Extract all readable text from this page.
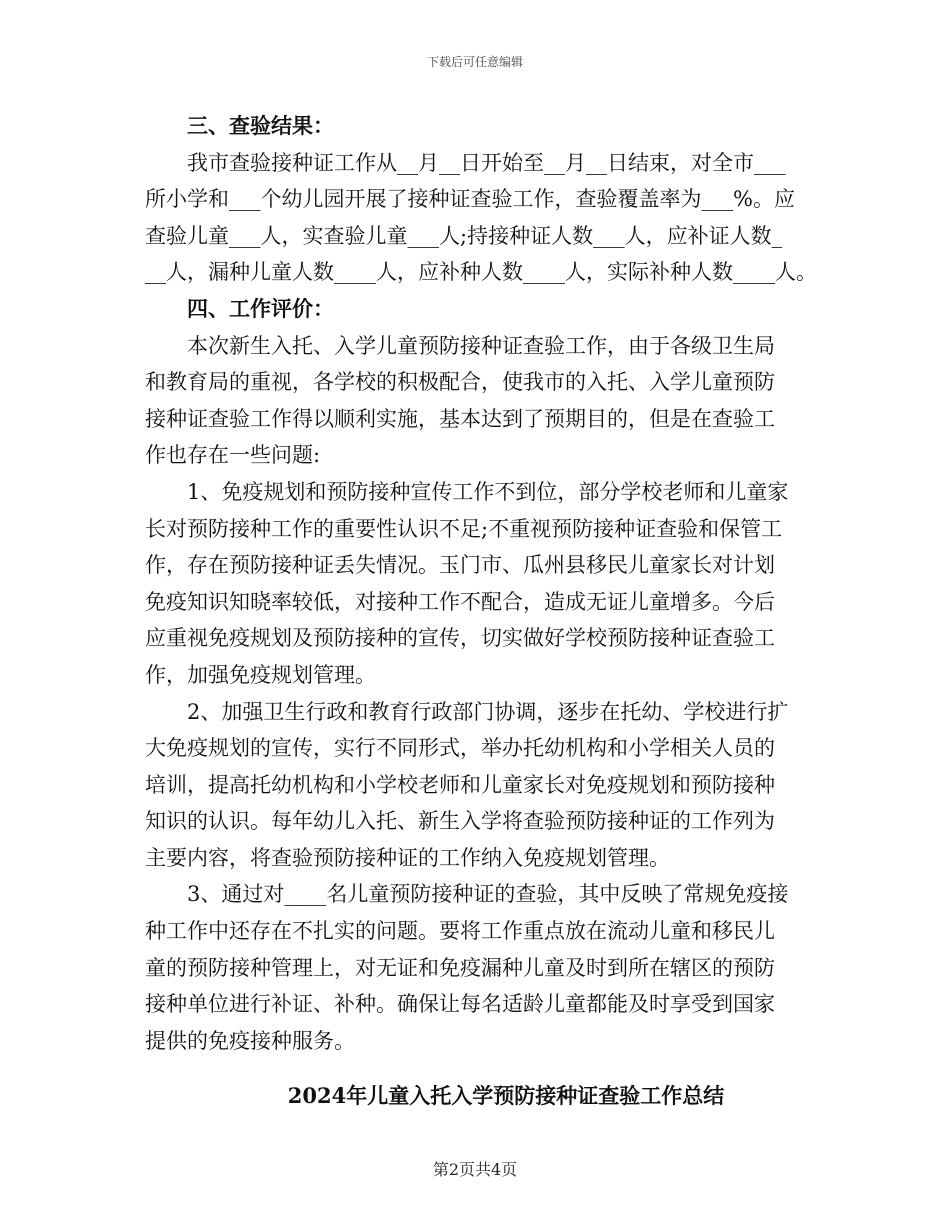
下载后可任意编辑
三、查验结果：
我市查验接种证工作从__月__日开始至__月__日结束，对全市___
所小学和___个幼儿园开展了接种证查验工作，查验覆盖率为___%。应
查验儿童___人，实查验儿童___人;持接种证人数___人，应补证人数_
__人，漏种儿童人数____人，应补种人数____人，实际补种人数____人。
四、工作评价：
本次新生入托、入学儿童预防接种证查验工作，由于各级卫生局
和教育局的重视，各学校的积极配合，使我市的入托、入学儿童预防
接种证查验工作得以顺利实施，基本达到了预期目的，但是在查验工
作也存在一些问题:
1、免疫规划和预防接种宣传工作不到位，部分学校老师和儿童家
长对预防接种工作的重要性认识不足;不重视预防接种证查验和保管工
作，存在预防接种证丢失情况。玉门市、瓜州县移民儿童家长对计划
免疫知识知晓率较低，对接种工作不配合，造成无证儿童增多。今后
应重视免疫规划及预防接种的宣传，切实做好学校预防接种证查验工
作，加强免疫规划管理。
2、加强卫生行政和教育行政部门协调，逐步在托幼、学校进行扩
大免疫规划的宣传，实行不同形式，举办托幼机构和小学相关人员的
培训，提高托幼机构和小学校老师和儿童家长对免疫规划和预防接种
知识的认识。每年幼儿入托、新生入学将查验预防接种证的工作列为
主要内容，将查验预防接种证的工作纳入免疫规划管理。
3、通过对____名儿童预防接种证的查验，其中反映了常规免疫接
种工作中还存在不扎实的问题。要将工作重点放在流动儿童和移民儿
童的预防接种管理上，对无证和免疫漏种儿童及时到所在辖区的预防
接种单位进行补证、补种。确保让每名适龄儿童都能及时享受到国家
提供的免疫接种服务。
2024年儿童入托入学预防接种证查验工作总结
第2页共4页
